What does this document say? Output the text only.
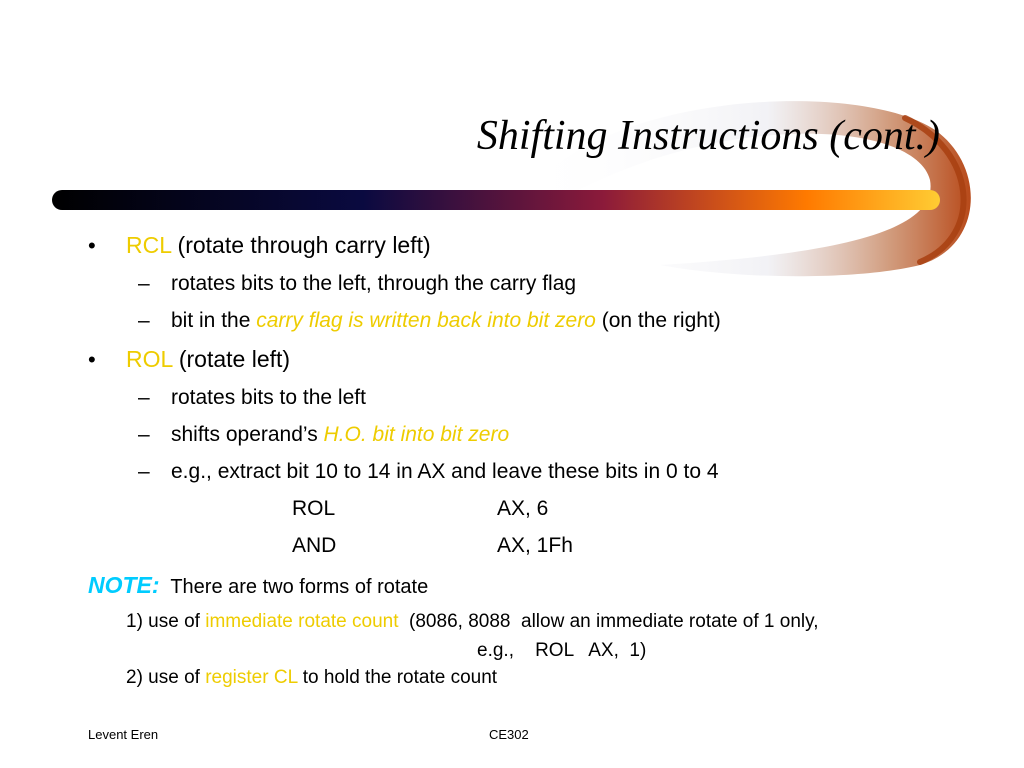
Shifting Instructions (cont.)
• RCL (rotate through carry left)
– rotates bits to the left, through the carry flag
– bit in the carry flag is written back into bit zero (on the right)
• ROL (rotate left)
– rotates bits to the left
– shifts operand’s H.O. bit into bit zero
– e.g., extract bit 10 to 14 in AX and leave these bits in 0 to 4
ROL	AX, 6
AND	AX, 1Fh
NOTE: There are two forms of rotate
1) use of immediate rotate count  (8086, 8088  allow an immediate rotate of 1 only,
e.g.,    ROL   AX,  1)
2) use of register CL to hold the rotate count
Levent Eren	CE302
